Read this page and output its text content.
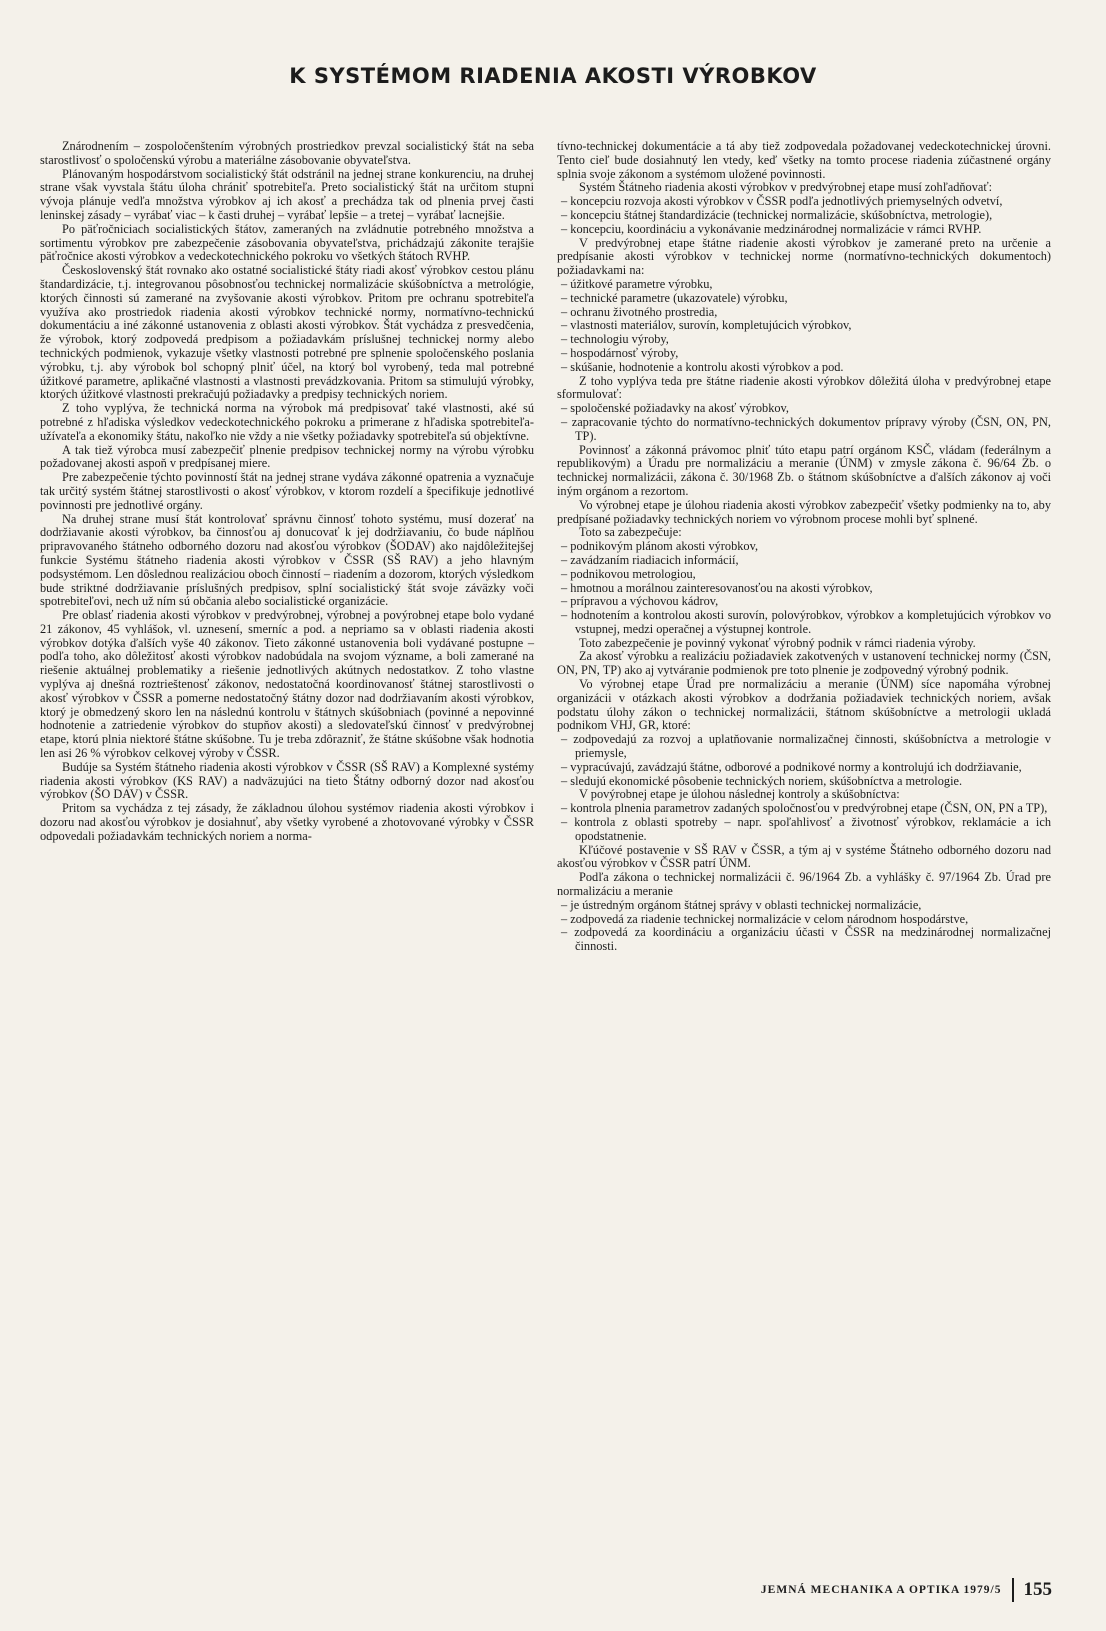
K SYSTÉMOM RIADENIA AKOSTI VÝROBKOV

Znárodnením – zospoločenštením výrobných prostriedkov prevzal socialistický štát na seba starostlivosť o spoločenskú výrobu a materiálne zásobovanie obyvateľstva.

Plánovaným hospodárstvom socialistický štát odstránil na jednej strane konkurenciu, na druhej strane však vyvstala štátu úloha chrániť spotrebiteľa. Preto socialistický štát na určitom stupni vývoja plánuje vedľa množstva výrobkov aj ich akosť a prechádza tak od plnenia prvej časti leninskej zásady – vyrábať viac – k časti druhej – vyrábať lepšie – a tretej – vyrábať lacnejšie.

Po päťročniciach socialistických štátov, zameraných na zvládnutie potrebného množstva a sortimentu výrobkov pre zabezpečenie zásobovania obyvateľstva, prichádzajú zákonite terajšie päťročnice akosti výrobkov a vedeckotechnického pokroku vo všetkých štátoch RVHP.

Československý štát rovnako ako ostatné socialistické štáty riadi akosť výrobkov cestou plánu štandardizácie, t.j. integrovanou pôsobnosťou technickej normalizácie skúšobníctva a metrológie, ktorých činnosti sú zamerané na zvyšovanie akosti výrobkov. Pritom pre ochranu spotrebiteľa využíva ako prostriedok riadenia akosti výrobkov technické normy, normatívno-technickú dokumentáciu a iné zákonné ustanovenia z oblasti akosti výrobkov. Štát vychádza z presvedčenia, že výrobok, ktorý zodpovedá predpisom a požiadavkám príslušnej technickej normy alebo technických podmienok, vykazuje všetky vlastnosti potrebné pre splnenie spoločenského poslania výrobku, t.j. aby výrobok bol schopný plniť účel, na ktorý bol vyrobený, teda mal potrebné úžitkové parametre, aplikačné vlastnosti a vlastnosti prevádzkovania. Pritom sa stimulujú výrobky, ktorých úžitkové vlastnosti prekračujú požiadavky a predpisy technických noriem.

Z toho vyplýva, že technická norma na výrobok má predpisovať také vlastnosti, aké sú potrebné z hľadiska výsledkov vedeckotechnického pokroku a primerane z hľadiska spotrebiteľa-užívateľa a ekonomiky štátu, nakoľko nie vždy a nie všetky požiadavky spotrebiteľa sú objektívne.

A tak tiež výrobca musí zabezpečiť plnenie predpisov technickej normy na výrobu výrobku požadovanej akosti aspoň v predpísanej miere.

Pre zabezpečenie týchto povinností štát na jednej strane vydáva zákonné opatrenia a vyznačuje tak určitý systém štátnej starostlivosti o akosť výrobkov, v ktorom rozdelí a špecifikuje jednotlivé povinnosti pre jednotlivé orgány.

Na druhej strane musí štát kontrolovať správnu činnosť tohoto systému, musí dozerať na dodržiavanie akosti výrobkov, ba činnosťou aj donucovať k jej dodržiavaniu, čo bude náplňou pripravovaného štátneho odborného dozoru nad akosťou výrobkov (ŠODAV) ako najdôležitejšej funkcie Systému štátneho riadenia akosti výrobkov v ČSSR (SŠ RAV) a jeho hlavným podsystémom. Len dôslednou realizáciou oboch činností – riadením a dozorom, ktorých výsledkom bude striktné dodržiavanie príslušných predpisov, splní socialistický štát svoje záväzky voči spotrebiteľovi, nech už ním sú občania alebo socialistické organizácie.

Pre oblasť riadenia akosti výrobkov v predvýrobnej, výrobnej a povýrobnej etape bolo vydané 21 zákonov, 45 vyhlášok, vl. uznesení, smerníc a pod. a nepriamo sa v oblasti riadenia akosti výrobkov dotýka ďalších vyše 40 zákonov. Tieto zákonné ustanovenia boli vydávané postupne – podľa toho, ako dôležitosť akosti výrobkov nadobúdala na svojom význame, a boli zamerané na riešenie aktuálnej problematiky a riešenie jednotlivých akútnych nedostatkov. Z toho vlastne vyplýva aj dnešná roztrieštenosť zákonov, nedostatočná koordinovanosť štátnej starostlivosti o akosť výrobkov v ČSSR a pomerne nedostatočný štátny dozor nad dodržiavaním akosti výrobkov, ktorý je obmedzený skoro len na následnú kontrolu v štátnych skúšobniach (povinné a nepovinné hodnotenie a zatriedenie výrobkov do stupňov akosti) a sledovateľskú činnosť v predvýrobnej etape, ktorú plnia niektoré štátne skúšobne. Tu je treba zdôrazniť, že štátne skúšobne však hodnotia len asi 26 % výrobkov celkovej výroby v ČSSR.

Budúje sa Systém štátneho riadenia akosti výrobkov v ČSSR (SŠ RAV) a Komplexné systémy riadenia akosti výrobkov (KS RAV) a nadväzujúci na tieto Štátny odborný dozor nad akosťou výrobkov (ŠO DAV) v ČSSR.

Pritom sa vychádza z tej zásady, že základnou úlohou systémov riadenia akosti výrobkov i dozoru nad akosťou výrobkov je dosiahnuť, aby všetky vyrobené a zhotovované výrobky v ČSSR odpovedali požiadavkám technických noriem a norma-

tívno-technickej dokumentácie a tá aby tiež zodpovedala požadovanej vedeckotechnickej úrovni. Tento cieľ bude dosiahnutý len vtedy, keď všetky na tomto procese riadenia zúčastnené orgány splnia svoje zákonom a systémom uložené povinnosti.

Systém Štátneho riadenia akosti výrobkov v predvýrobnej etape musí zohľadňovať:

– koncepciu rozvoja akosti výrobkov v ČSSR podľa jednotlivých priemyselných odvetví,
– koncepciu štátnej štandardizácie (technickej normalizácie, skúšobníctva, metrologie),
– koncepciu, koordináciu a vykonávanie medzinárodnej normalizácie v rámci RVHP.

V predvýrobnej etape štátne riadenie akosti výrobkov je zamerané preto na určenie a predpísanie akosti výrobkov v technickej norme (normatívno-technických dokumentoch) požiadavkami na:

– úžitkové parametre výrobku,
– technické parametre (ukazovatele) výrobku,
– ochranu životného prostredia,
– vlastnosti materiálov, surovín, kompletujúcich výrobkov,
– technologiu výroby,
– hospodárnosť výroby,
– skúšanie, hodnotenie a kontrolu akosti výrobkov a pod.

Z toho vyplýva teda pre štátne riadenie akosti výrobkov dôležitá úloha v predvýrobnej etape sformulovať:

– spoločenské požiadavky na akosť výrobkov,
– zapracovanie týchto do normatívno-technických dokumentov prípravy výroby (ČSN, ON, PN, TP).

Povinnosť a zákonná právomoc plniť túto etapu patrí orgánom KSČ, vládam (federálnym a republikovým) a Úradu pre normalizáciu a meranie (ÚNM) v zmysle zákona č. 96/64 Zb. o technickej normalizácii, zákona č. 30/1968 Zb. o štátnom skúšobníctve a ďalších zákonov aj voči iným orgánom a rezortom.

Vo výrobnej etape je úlohou riadenia akosti výrobkov zabezpečiť všetky podmienky na to, aby predpísané požiadavky technických noriem vo výrobnom procese mohli byť splnené.

Toto sa zabezpečuje:

– podnikovým plánom akosti výrobkov,
– zavádzaním riadiacich informácií,
– podnikovou metrologiou,
– hmotnou a morálnou zainteresovanosťou na akosti výrobkov,
– prípravou a výchovou kádrov,
– hodnotením a kontrolou akosti surovín, polovýrobkov, výrobkov a kompletujúcich výrobkov vo vstupnej, medzi operačnej a výstupnej kontrole.

Toto zabezpečenie je povinný vykonať výrobný podnik v rámci riadenia výroby.

Za akosť výrobku a realizáciu požiadaviek zakotvených v ustanovení technickej normy (ČSN, ON, PN, TP) ako aj vytváranie podmienok pre toto plnenie je zodpovedný výrobný podnik.

Vo výrobnej etape Úrad pre normalizáciu a meranie (ÚNM) síce napomáha výrobnej organizácii v otázkach akosti výrobkov a dodržania požiadaviek technických noriem, avšak podstatu úlohy zákon o technickej normalizácii, štátnom skúšobníctve a metrologii ukladá podnikom VHJ, GR, ktoré:

– zodpovedajú za rozvoj a uplatňovanie normalizačnej činnosti, skúšobníctva a metrologie v priemysle,
– vypracúvajú, zavádzajú štátne, odborové a podnikové normy a kontrolujú ich dodržiavanie,
– sledujú ekonomické pôsobenie technických noriem, skúšobníctva a metrologie.

V povýrobnej etape je úlohou následnej kontroly a skúšobníctva:

– kontrola plnenia parametrov zadaných spoločnosťou v predvýrobnej etape (ČSN, ON, PN a TP),
– kontrola z oblasti spotreby – napr. spoľahlivosť a životnosť výrobkov, reklamácie a ich opodstatnenie.

Kľúčové postavenie v SŠ RAV v ČSSR, a tým aj v systéme Štátneho odborného dozoru nad akosťou výrobkov v ČSSR patrí ÚNM.

Podľa zákona o technickej normalizácii č. 96/1964 Zb. a vyhlášky č. 97/1964 Zb. Úrad pre normalizáciu a meranie

– je ústredným orgánom štátnej správy v oblasti technickej normalizácie,
– zodpovedá za riadenie technickej normalizácie v celom národnom hospodárstve,
– zodpovedá za koordináciu a organizáciu účasti v ČSSR na medzinárodnej normalizačnej činnosti.
JEMNÁ MECHANIKA A OPTIKA 1979/5 155
